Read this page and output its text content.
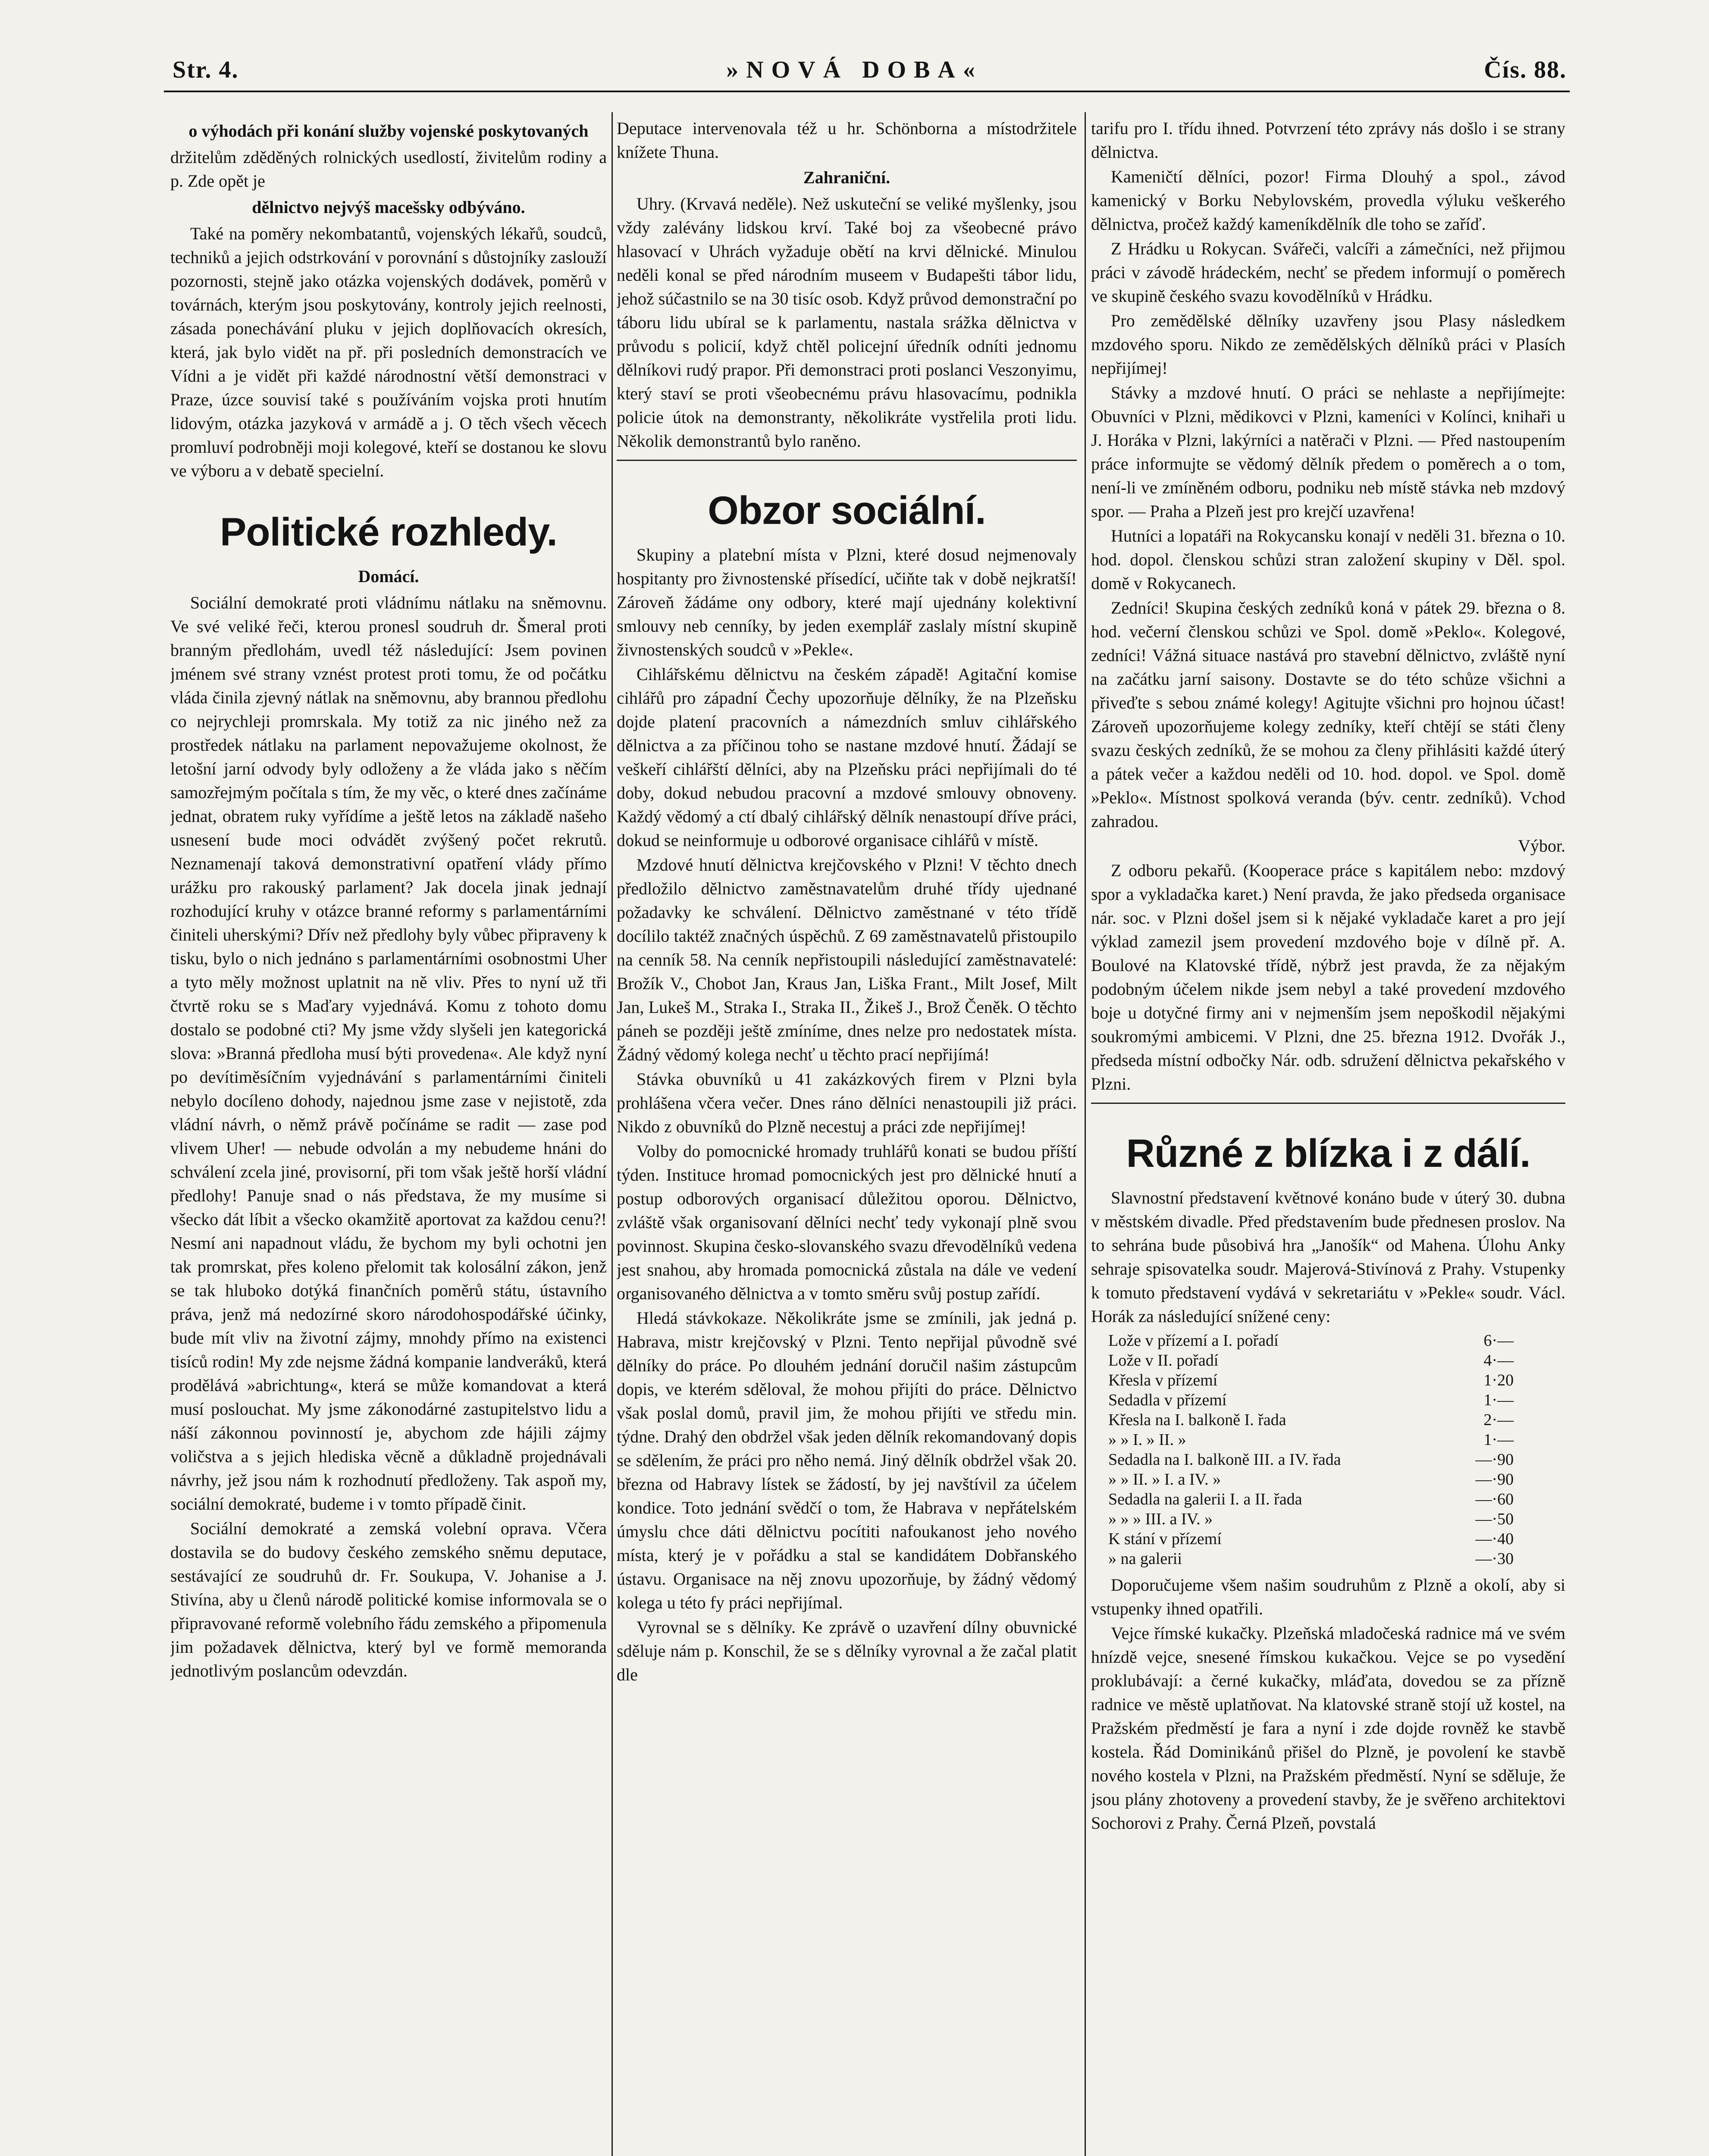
Str. 4.	»NOVÁ DOBA«	Čís. 88.
o výhodách při konání služby vojenské poskytovaných

držitelům zděděných rolnických usedlostí, živitelům rodiny a p. Zde opět je

dělnictvo nejvýš macešsky odbýváno.

Také na poměry nekombatantů, vojenských lékařů, soudců, techniků a jejich odstrkování v porovnání s důstojníky zaslouží pozornosti, stejně jako otázka vojenských dodávek, poměrů v továrnách, kterým jsou poskytovány, kontroly jejich reelnosti, zásada ponechávání pluku v jejich doplňovacích okresích, která, jak bylo vidět na př. při posledních demonstracích ve Vídni a je vidět při každé národnostní větší demonstraci v Praze, úzce souvisí také s používáním vojska proti hnutím lidovým, otázka jazyková v armádě a j. O těch všech věcech promluví podrobněji moji kolegové, kteří se dostanou ke slovu ve výboru a v debatě specielní.

Politické rozhledy.
Domácí.

Sociální demokraté proti vládnímu nátlaku na sněmovnu. Ve své veliké řeči, kterou pronesl soudruh dr. Šmeral proti branným předlohám, uvedl též následující: Jsem povinen jménem své strany vznést protest proti tomu, že od počátku vláda činila zjevný nátlak na sněmovnu, aby brannou předlohu co nejrychleji promrskala. My totiž za nic jiného než za prostředek nátlaku na parlament nepovažujeme okolnost, že letošní jarní odvody byly odloženy a že vláda jako s něčím samozřejmým počítala s tím, že my věc, o které dnes začínáme jednat, obratem ruky vyřídíme a ještě letos na základě našeho usnesení bude moci odvádět zvýšený počet rekrutů. Neznamenají taková demonstrativní opatření vlády přímo urážku pro rakouský parlament? Jak docela jinak jednají rozhodující kruhy v otázce branné reformy s parlamentárními činiteli uherskými? Dřív než předlohy byly vůbec připraveny k tisku, bylo o nich jednáno s parlamentárními osobnostmi Uher a tyto měly možnost uplatnit na ně vliv. Přes to nyní už tři čtvrtě roku se s Maďary vyjednává. Komu z tohoto domu dostalo se podobné cti? My jsme vždy slyšeli jen kategorická slova: »Branná předloha musí býti provedena«. Ale když nyní po devítiměsíčním vyjednávání s parlamentárními činiteli nebylo docíleno dohody, najednou jsme zase v nejistotě, zda vládní návrh, o němž právě počínáme se radit — zase pod vlivem Uher! — nebude odvolán a my nebudeme hnáni do schválení zcela jiné, provisorní, při tom však ještě horší vládní předlohy! Panuje snad o nás představa, že my musíme si všecko dát líbit a všecko okamžitě aportovat za každou cenu?! Nesmí ani napadnout vládu, že bychom my byli ochotni jen tak promrskat, přes koleno přelomit tak kolosální zákon, jenž se tak hluboko dotýká finančních poměrů státu, ústavního práva, jenž má nedozírné skoro národohospodářské účinky, bude mít vliv na životní zájmy, mnohdy přímo na existenci tisíců rodin! My zde nejsme žádná kompanie landveráků, která prodělává »abrichtung«, která se může komandovat a která musí poslouchat. My jsme zákonodárné zastupitelstvo lidu a náší zákonnou povinností je, abychom zde hájili zájmy voličstva a s jejich hlediska věcně a důkladně projednávali návrhy, jež jsou nám k rozhodnutí předloženy. Tak aspoň my, sociální demokraté, budeme i v tomto případě činit.

Sociální demokraté a zemská volební oprava. Včera dostavila se do budovy českého zemského sněmu deputace, sestávající ze soudruhů dr. Fr. Soukupa, V. Johanise a J. Stivína, aby u členů národě politické komise informovala se o připravované reformě volebního řádu zemského a připomenula jim požadavek dělnictva, který byl ve formě memoranda jednotlivým poslancům odevzdán.

Deputace intervenovala též u hr. Schönborna a místodržitele knížete Thuna.

Zahraniční.

Uhry. (Krvavá neděle). Než uskuteční se veliké myšlenky, jsou vždy zalévány lidskou krví. Také boj za všeobecné právo hlasovací v Uhrách vyžaduje obětí na krvi dělnické. Minulou neděli konal se před národním museem v Budapešti tábor lidu, jehož súčastnilo se na 30 tisíc osob. Když průvod demonstrační po táboru lidu ubíral se k parlamentu, nastala srážka dělnictva v průvodu s policií, když chtěl policejní úředník odníti jednomu dělníkovi rudý prapor. Při demonstraci proti poslanci Veszonyimu, který staví se proti všeobecnému právu hlasovacímu, podnikla policie útok na demonstranty, několikráte vystřelila proti lidu. Několik demonstrantů bylo raněno.

Obzor sociální.

Skupiny a platební místa v Plzni, které dosud nejmenovaly hospitanty pro živnostenské přísedící, učiňte tak v době nejkratší! Zároveň žádáme ony odbory, které mají ujednány kolektivní smlouvy neb cenníky, by jeden exemplář zaslaly místní skupině živnostenských soudců v »Pekle«.

Cihlářskému dělnictvu na českém západě! Agitační komise cihlářů pro západní Čechy upozorňuje dělníky, že na Plzeňsku dojde platení pracovních a námezdních smluv cihlářského dělnictva a za příčinou toho se nastane mzdové hnutí. Žádají se veškeří cihlářští dělníci, aby na Plzeňsku práci nepřijímali do té doby, dokud nebudou pracovní a mzdové smlouvy obnoveny. Každý vědomý a ctí dbalý cihlářský dělník nenastoupí dříve práci, dokud se neinformuje u odborové organisace cihlářů v místě.

Mzdové hnutí dělnictva krejčovského v Plzni! V těchto dnech předložilo dělnictvo zaměstnavatelům druhé třídy ujednané požadavky ke schválení. Dělnictvo zaměstnané v této třídě docílilo taktéž značných úspěchů. Z 69 zaměstnavatelů přistoupilo na cenník 58. Na cenník nepřistoupili následující zaměstnavatelé: Brožík V., Chobot Jan, Kraus Jan, Liška Frant., Milt Josef, Milt Jan, Lukeš M., Straka I., Straka II., Žikeš J., Brož Čeněk. O těchto páneh se později ještě zmíníme, dnes nelze pro nedostatek místa. Žádný vědomý kolega nechť u těchto prací nepřijímá!

Stávka obuvníků u 41 zakázkových firem v Plzni byla prohlášena včera večer. Dnes ráno dělníci nenastoupili již práci. Nikdo z obuvníků do Plzně necestuj a práci zde nepřijímej!

Volby do pomocnické hromady truhlářů konati se budou příští týden. Instituce hromad pomocnických jest pro dělnické hnutí a postup odborových organisací důležitou oporou. Dělnictvo, zvláště však organisovaní dělníci nechť tedy vykonají plně svou povinnost. Skupina česko-slovanského svazu dřevodělníků vedena jest snahou, aby hromada pomocnická zůstala na dále ve vedení organisovaného dělnictva a v tomto směru svůj postup zařídí.

Hledá stávkokaze. Několikráte jsme se zmínili, jak jedná p. Habrava, mistr krejčovský v Plzni. Tento nepřijal původně své dělníky do práce. Po dlouhém jednání doručil našim zástupcům dopis, ve kterém sděloval, že mohou přijíti do práce. Dělnictvo však poslal domů, pravil jim, že mohou přijíti ve středu min. týdne. Drahý den obdržel však jeden dělník rekomandovaný dopis se sdělením, že práci pro něho nemá. Jiný dělník obdržel však 20. března od Habravy lístek se žádostí, by jej navštívil za účelem kondice. Toto jednání svědčí o tom, že Habrava v nepřátelském úmyslu chce dáti dělnictvu pocítiti nafoukanost jeho nového místa, který je v pořádku a stal se kandidátem Dobřanského ústavu. Organisace na něj znovu upozorňuje, by žádný vědomý kolega u této fy práci nepřijímal.

Vyrovnal se s dělníky. Ke zprávě o uzavření dílny obuvnické sděluje nám p. Konschil, že se s dělníky vyrovnal a že začal platit dle

tarifu pro I. třídu ihned. Potvrzení této zprávy nás došlo i se strany dělnictva.

Kameničtí dělníci, pozor! Firma Dlouhý a spol., závod kamenický v Borku Nebylovském, provedla výluku veškerého dělnictva, pročež každý kameníkdělník dle toho se zaříď.

Z Hrádku u Rokycan. Svářeči, valcíři a zámečníci, než přijmou práci v závodě hrádeckém, nechť se předem informují o poměrech ve skupině českého svazu kovodělníků v Hrádku.

Pro zemědělské dělníky uzavřeny jsou Plasy následkem mzdového sporu. Nikdo ze zemědělských dělníků práci v Plasích nepřijímej!

Stávky a mzdové hnutí. O práci se nehlaste a nepřijímejte: Obuvníci v Plzni, mědikovci v Plzni, kameníci v Kolínci, knihaři u J. Horáka v Plzni, lakýrníci a natěrači v Plzni. — Před nastoupením práce informujte se vědomý dělník předem o poměrech a o tom, není-li ve zmíněném odboru, podniku neb místě stávka neb mzdový spor. — Praha a Plzeň jest pro krejčí uzavřena!

Hutníci a lopatáři na Rokycansku konají v neděli 31. března o 10. hod. dopol. členskou schůzi stran založení skupiny v Děl. spol. domě v Rokycanech.

Zedníci! Skupina českých zedníků koná v pátek 29. března o 8. hod. večerní členskou schůzi ve Spol. domě »Peklo«. Kolegové, zedníci! Vážná situace nastává pro stavební dělnictvo, zvláště nyní na začátku jarní saisony. Dostavte se do této schůze všichni a přiveďte s sebou známé kolegy! Agitujte všichni pro hojnou účast! Zároveň upozorňujeme kolegy zedníky, kteří chtějí se státi členy svazu českých zedníků, že se mohou za členy přihlásiti každé úterý a pátek večer a každou neděli od 10. hod. dopol. ve Spol. domě »Peklo«. Místnost spolková veranda (býv. centr. zedníků). Vchod zahradou.

Výbor.

Z odboru pekařů. (Kooperace práce s kapitálem nebo: mzdový spor a vykladačka karet.) Není pravda, že jako předseda organisace nár. soc. v Plzni došel jsem si k nějaké vykladače karet a pro její výklad zamezil jsem provedení mzdového boje v dílně př. A. Boulové na Klatovské třídě, nýbrž jest pravda, že za nějakým podobným účelem nikde jsem nebyl a také provedení mzdového boje u dotyčné firmy ani v nejmenším jsem nepoškodil nějakými soukromými ambicemi. V Plzni, dne 25. března 1912. Dvořák J., předseda místní odbočky Nár. odb. sdružení dělnictva pekařského v Plzni.

Různé z blízka i z dálí.

Slavnostní představení květnové konáno bude v úterý 30. dubna v městském divadle. Před představením bude přednesen proslov. Na to sehrána bude působivá hra „Janošík“ od Mahena. Úlohu Anky sehraje spisovatelka soudr. Majerová-Stivínová z Prahy. Vstupenky k tomuto představení vydává v sekretariátu v »Pekle« soudr. Václ. Horák za následující snížené ceny:

Lože v přízemí a I. pořadí	6·—
Lože v II. pořadí	4·—
Křesla v přízemí	1·20
Sedadla v přízemí	1·—
Křesla na I. balkoně I. řada	2·—
» » I. » II. »	1·—
Sedadla na I. balkoně III. a IV. řada	—·90
» » II. » I. a IV. »	—·90
Sedadla na galerii I. a II. řada	—·60
» » » III. a IV. »	—·50
K stání v přízemí	—·40
» na galerii	—·30

Doporučujeme všem našim soudruhům z Plzně a okolí, aby si vstupenky ihned opatřili.

Vejce římské kukačky. Plzeňská mladočeská radnice má ve svém hnízdě vejce, snesené římskou kukačkou. Vejce se po vysedění proklubávají: a černé kukačky, mláďata, dovedou se za přízně radnice ve městě uplatňovat. Na klatovské straně stojí už kostel, na Pražském předměstí je fara a nyní i zde dojde rovněž ke stavbě kostela. Řád Dominikánů přišel do Plzně, je povolení ke stavbě nového kostela v Plzni, na Pražském předměstí. Nyní se sděluje, že jsou plány zhotoveny a provedení stavby, že je svěřeno architektovi Sochorovi z Prahy. Černá Plzeň, povstalá
